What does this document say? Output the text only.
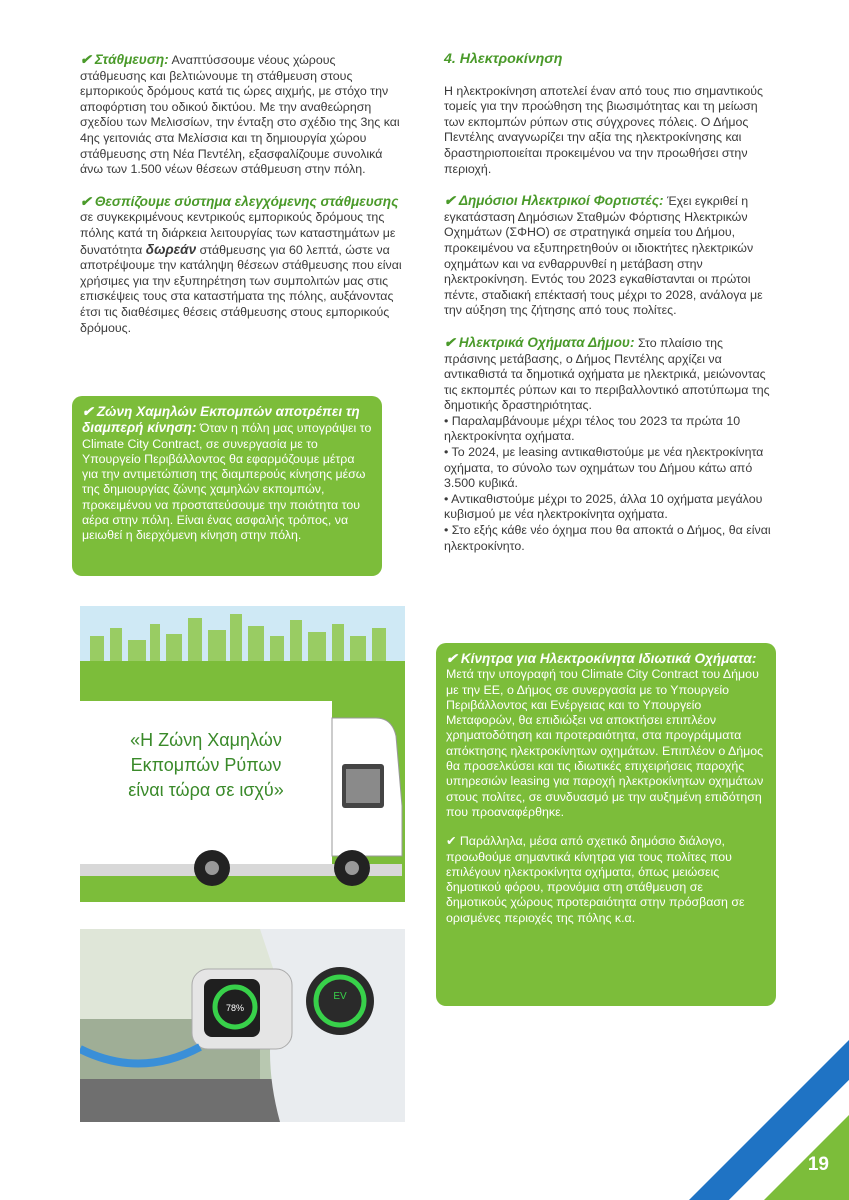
✔ Στάθμευση: Αναπτύσσουμε νέους χώρους στάθμευσης και βελτιώνουμε τη στάθμευση στους εμπορικούς δρόμους κατά τις ώρες αιχμής, με στόχο την αποφόρτιση του οδικού δικτύου. Με την αναθεώρηση σχεδίου των Μελισσίων, την ένταξη στο σχέδιο της 3ης και 4ης γειτονιάς στα Μελίσσια και τη δημιουργία χώρου στάθμευσης στη Νέα Πεντέλη, εξασφαλίζουμε συνολικά άνω των 1.500 νέων θέσεων στάθμευση στην πόλη.

✔ Θεσπίζουμε σύστημα ελεγχόμενης στάθμευσης σε συγκεκριμένους κεντρικούς εμπορικούς δρόμους της πόλης κατά τη διάρκεια λειτουργίας των καταστημάτων με δυνατότητα δωρεάν στάθμευσης για 60 λεπτά, ώστε να αποτρέψουμε την κατάληψη θέσεων στάθμευσης που είναι χρήσιμες για την εξυπηρέτηση των συμπολιτών μας στις επισκέψεις τους στα καταστήματα της πόλης, αυξάνοντας έτσι τις διαθέσιμες θέσεις στάθμευσης στους εμπορικούς δρόμους.

✔ Ζώνη Χαμηλών Εκπομπών αποτρέπει τη διαμπερή κίνηση: Όταν η πόλη μας υπογράψει το Climate City Contract, σε συνεργασία με το Υπουργείο Περιβάλλοντος θα εφαρμόζουμε μέτρα για την αντιμετώπιση της διαμπερούς κίνησης μέσω της δημιουργίας ζώνης χαμηλών εκπομπών, προκειμένου να προστατεύσουμε την ποιότητα του αέρα στην πόλη. Είναι ένας ασφαλής τρόπος, να μειωθεί η διερχόμενη κίνηση στην πόλη.
«Η Ζώνη Χαμηλών
Εκπομπών Ρύπων
είναι τώρα σε ισχύ»
EV
78%
4. Ηλεκτροκίνηση

Η ηλεκτροκίνηση αποτελεί έναν από τους πιο σημαντικούς τομείς για την προώθηση της βιωσιμότητας και τη μείωση των εκπομπών ρύπων στις σύγχρονες πόλεις. Ο Δήμος Πεντέλης αναγνωρίζει την αξία της ηλεκτροκίνησης και δραστηριοποιείται προκειμένου να την προωθήσει στην περιοχή.

✔ Δημόσιοι Ηλεκτρικοί Φορτιστές: Έχει εγκριθεί η εγκατάσταση Δημόσιων Σταθμών Φόρτισης Ηλεκτρικών Οχημάτων (ΣΦΗΟ) σε στρατηγικά σημεία του Δήμου, προκειμένου να εξυπηρετηθούν οι ιδιοκτήτες ηλεκτρικών οχημάτων και να ενθαρρυνθεί η μετάβαση στην ηλεκτροκίνηση. Εντός του 2023 εγκαθίστανται οι πρώτοι πέντε, σταδιακή επέκτασή τους μέχρι το 2028, ανάλογα με την αύξηση της ζήτησης από τους πολίτες.

✔ Ηλεκτρικά Οχήματα Δήμου: Στο πλαίσιο της πράσινης μετάβασης, ο Δήμος Πεντέλης αρχίζει να αντικαθιστά τα δημοτικά οχήματα με ηλεκτρικά, μειώνοντας τις εκπομπές ρύπων και το περιβαλλοντικό αποτύπωμα της δημοτικής δραστηριότητας.

• Παραλαμβάνουμε μέχρι τέλος του 2023 τα πρώτα 10 ηλεκτροκίνητα οχήματα.

• Το 2024, με leasing αντικαθιστούμε με νέα ηλεκτροκίνητα οχήματα, το σύνολο των οχημάτων του Δήμου κάτω από 3.500 κυβικά.

• Αντικαθιστούμε μέχρι το 2025, άλλα 10 οχήματα μεγάλου κυβισμού με νέα ηλεκτροκίνητα οχήματα.

• Στο εξής κάθε νέο όχημα που θα αποκτά ο Δήμος, θα είναι ηλεκτροκίνητο.

✔ Κίνητρα για Ηλεκτροκίνητα Ιδιωτικά Οχήματα: Μετά την υπογραφή του Climate City Contract του Δήμου με την ΕΕ, ο Δήμος σε συνεργασία με το Υπουργείο Περιβάλλοντος και Ενέργειας και το Υπουργείο Μεταφορών, θα επιδιώξει να αποκτήσει επιπλέον χρηματοδότηση και προτεραιότητα, στα προγράμματα απόκτησης ηλεκτροκίνητων οχημάτων. Επιπλέον ο Δήμος θα προσελκύσει και τις ιδιωτικές επιχειρήσεις παροχής υπηρεσιών leasing για παροχή ηλεκτροκίνητων οχημάτων στους πολίτες, σε συνδυασμό με την αυξημένη επιδότηση που προαναφέρθηκε.

✔ Παράλληλα, μέσα από σχετικό δημόσιο διάλογο, προωθούμε σημαντικά κίνητρα για τους πολίτες που επιλέγουν ηλεκτροκίνητα οχήματα, όπως μειώσεις δημοτικού φόρου, προνόμια στη στάθμευση σε δημοτικούς χώρους προτεραιότητα στην πρόσβαση σε ορισμένες περιοχές της πόλης κ.α.

19
